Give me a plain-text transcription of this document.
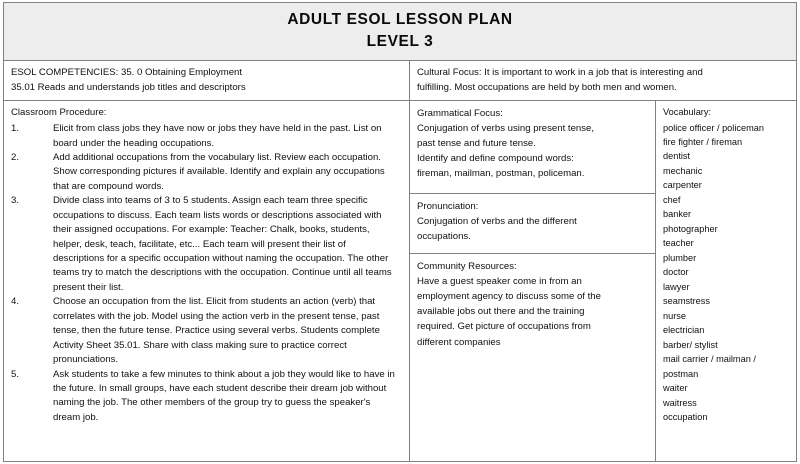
ADULT ESOL LESSON PLAN
LEVEL 3
ESOL COMPETENCIES: 35. 0 Obtaining Employment
35.01 Reads and understands job titles and descriptors
Classroom Procedure:
1.	Elicit from class jobs they have now or jobs they have held in the past. List on board under the heading occupations.
2.	Add additional occupations from the vocabulary list. Review each occupation. Show corresponding pictures if available. Identify and explain any occupations that are compound words.
3.	Divide class into teams of 3 to 5 students. Assign each team three specific occupations to discuss. Each team lists words or descriptions associated with their assigned occupations. For example: Teacher: Chalk, books, students, helper, desk, teach, facilitate, etc... Each team will present their list of descriptions for a specific occupation without naming the occupation. The other teams try to match the descriptions with the occupation. Continue until all teams present their list.
4.	Choose an occupation from the list. Elicit from students an action (verb) that correlates with the job. Model using the action verb in the present tense, past tense, then the future tense. Practice using several verbs. Students complete Activity Sheet 35.01. Share with class making sure to practice correct pronunciations.
5.	Ask students to take a few minutes to think about a job they would like to have in the future. In small groups, have each student describe their dream job without naming the job. The other members of the group try to guess the speaker's dream job.
Cultural Focus: It is important to work in a job that is interesting and
fulfilling. Most occupations are held by both men and women.
Grammatical Focus:
Conjugation of verbs using present tense,
past tense and future tense.
Identify and define compound words:
fireman, mailman, postman, policeman.
Pronunciation:
Conjugation of verbs and the different
occupations.
Community Resources:
Have a guest speaker come in from an
employment agency to discuss some of the
available jobs out there and the training
required. Get picture of occupations from
different companies
Vocabulary:
police officer / policeman
fire fighter / fireman
dentist
mechanic
carpenter
chef
banker
photographer
teacher
plumber
doctor
lawyer
seamstress
nurse
electrician
barber/ stylist
mail carrier / mailman /
postman
waiter
waitress
occupation
